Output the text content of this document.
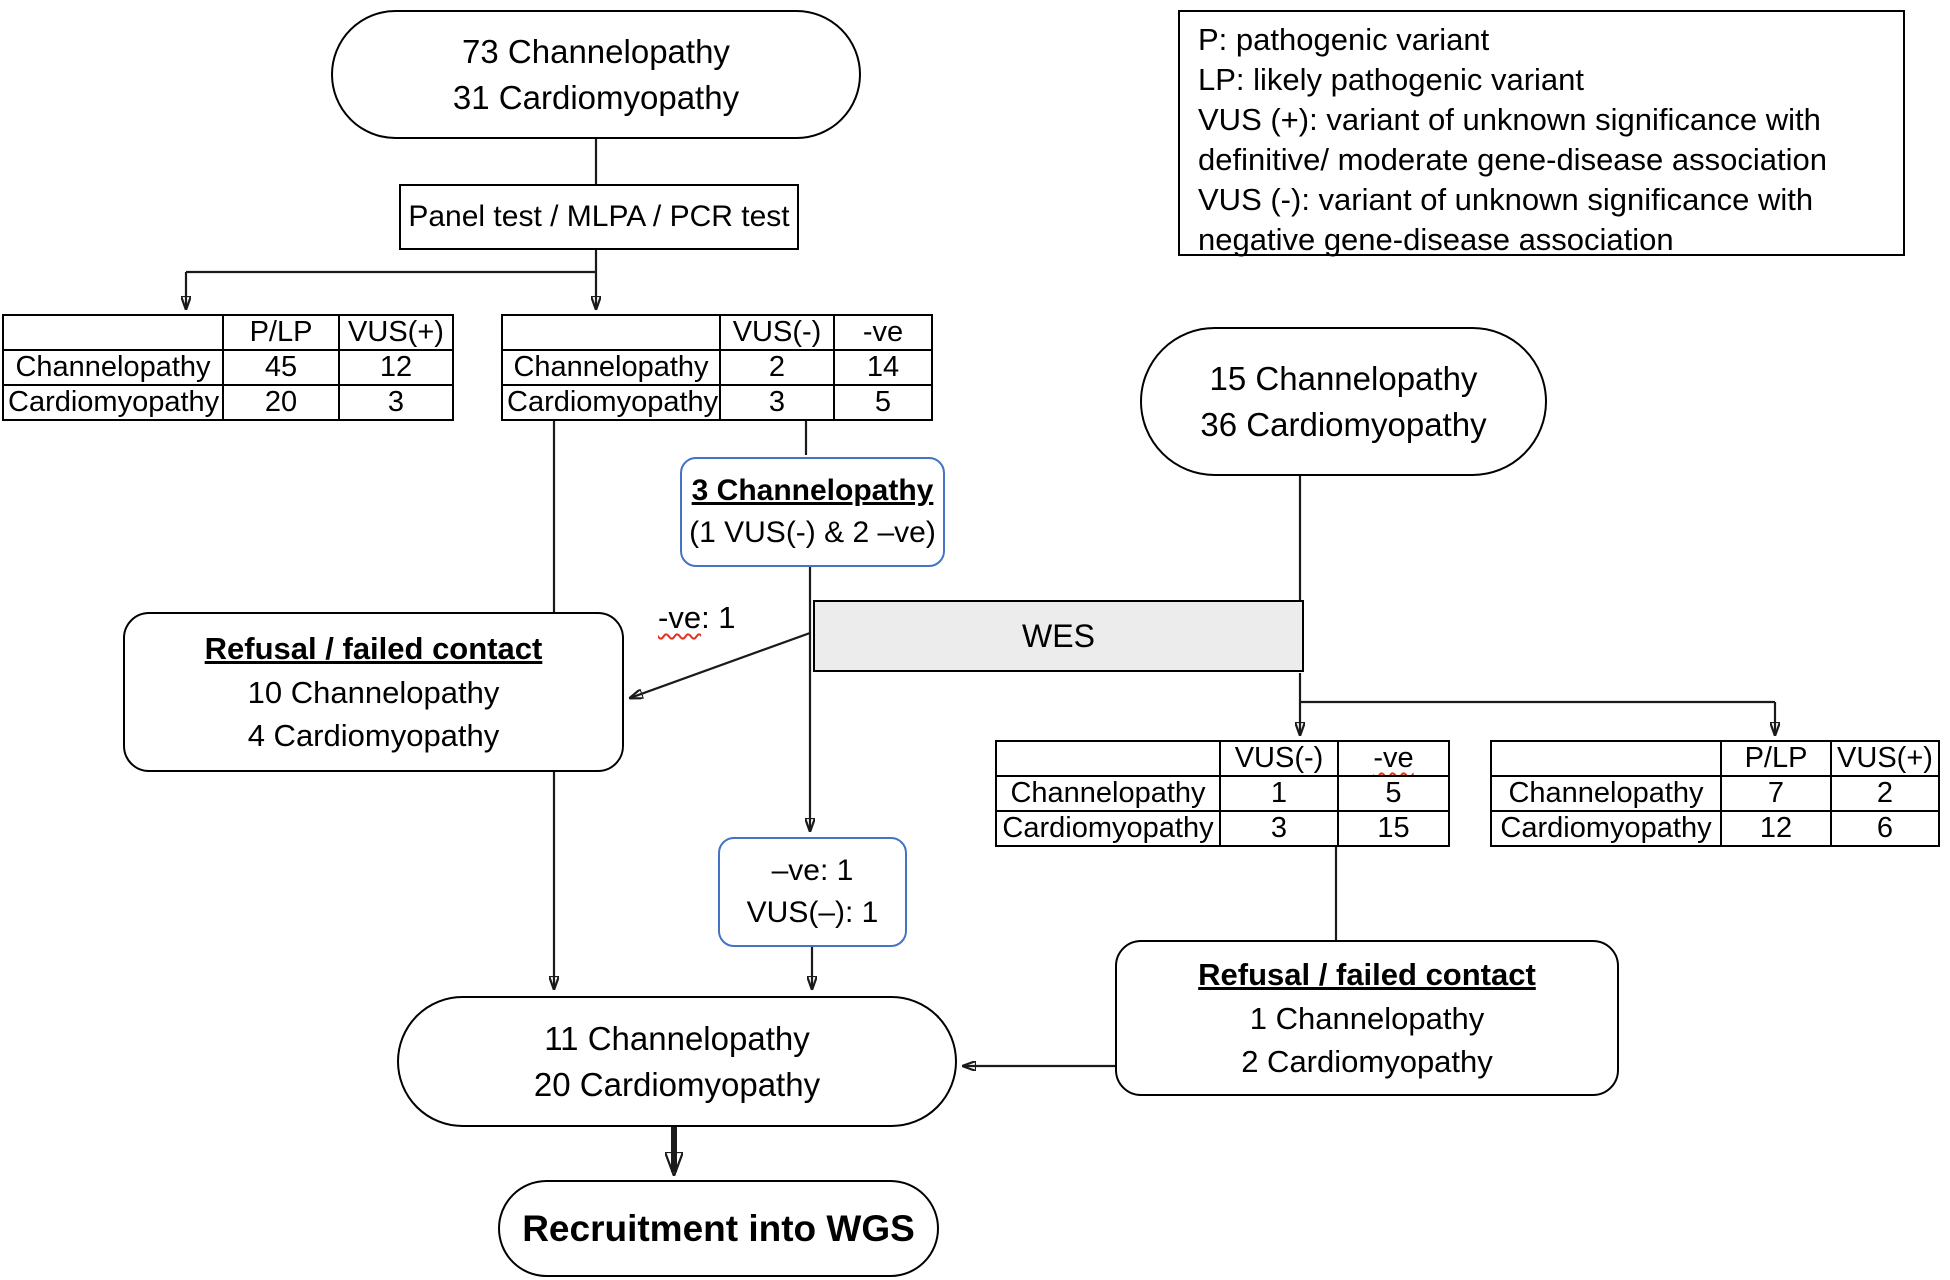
73 Channelopathy
31 Cardiomyopathy
Panel test / MLPA / PCR test
P: pathogenic variant
LP: likely pathogenic variant
VUS (+): variant of unknown significance with definitive/ moderate gene-disease association
VUS (-): variant of unknown significance with negative gene-disease association
	P/LP	VUS(+)
Channelopathy	45	12
Cardiomyopathy	20	3
	VUS(-)	-ve
Channelopathy	2	14
Cardiomyopathy	3	5
15 Channelopathy
36 Cardiomyopathy
3 Channelopathy
(1 VUS(-) & 2 –ve)
WES
-ve: 1
Refusal / failed contact
10 Channelopathy
4 Cardiomyopathy
	VUS(-)	-ve
Channelopathy	1	5
Cardiomyopathy	3	15
	P/LP	VUS(+)
Channelopathy	7	2
Cardiomyopathy	12	6
–ve: 1
VUS(–): 1
Refusal / failed contact
1 Channelopathy
2 Cardiomyopathy
11 Channelopathy
20 Cardiomyopathy
Recruitment into WGS
